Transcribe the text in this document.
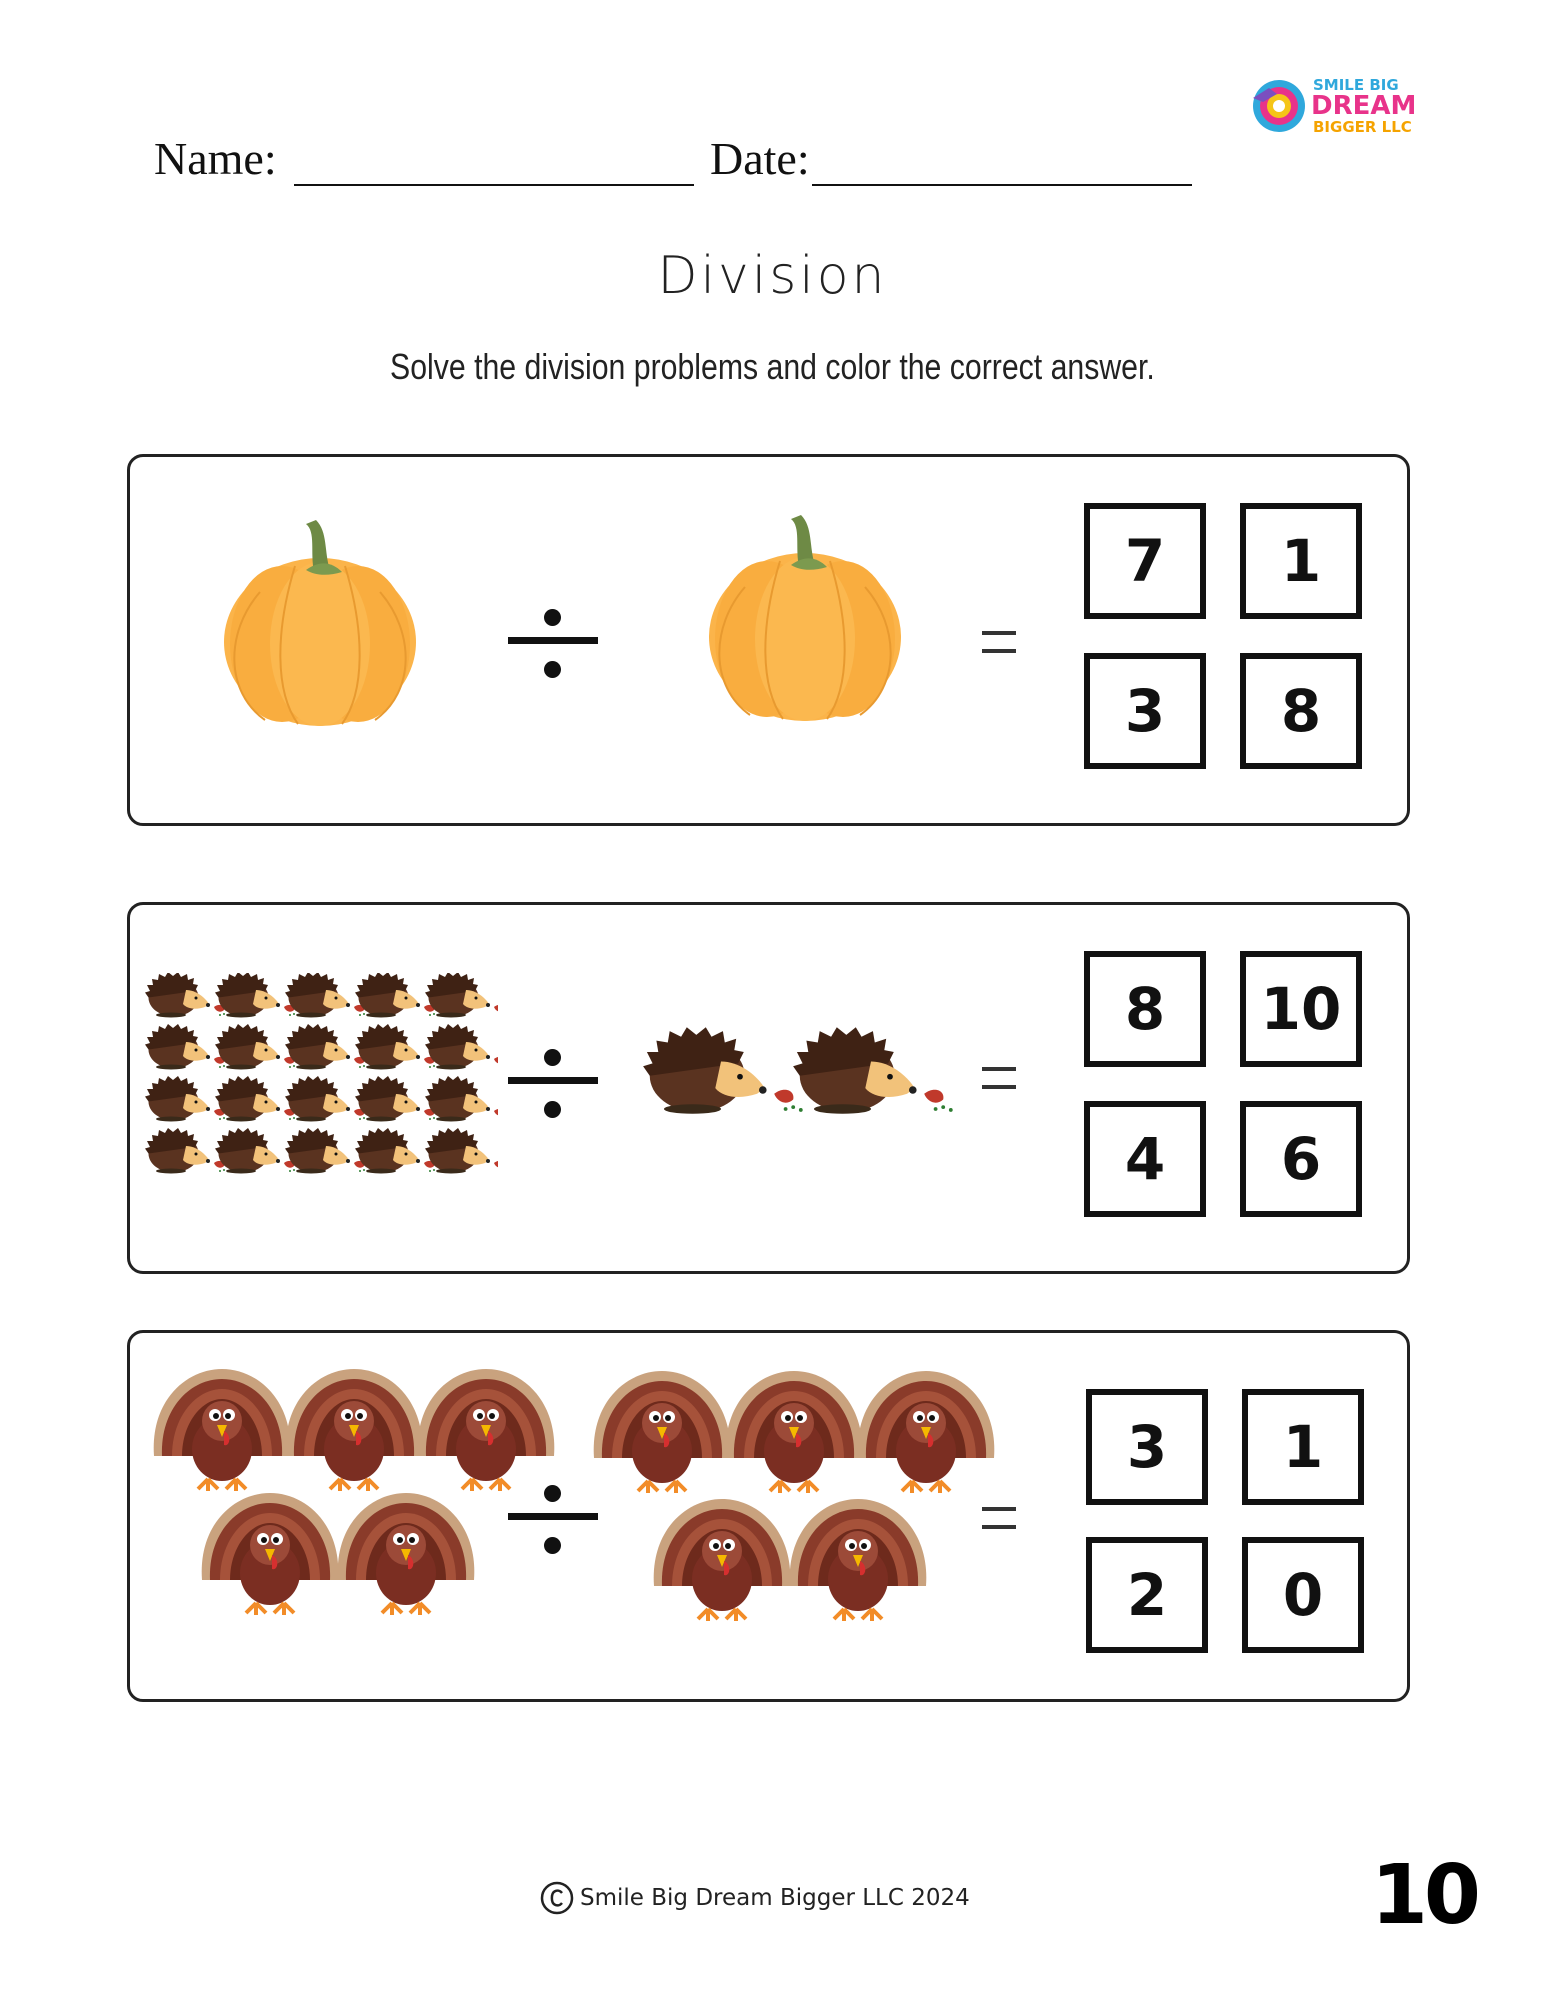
SMILE BIG
DREAM
BIGGER LLC
Name:	Date:
Division
Solve the division problems and color the correct answer.
7	1
3	8
8	10
4	6
3	1
2	0
Smile Big Dream Bigger LLC 2024	10
